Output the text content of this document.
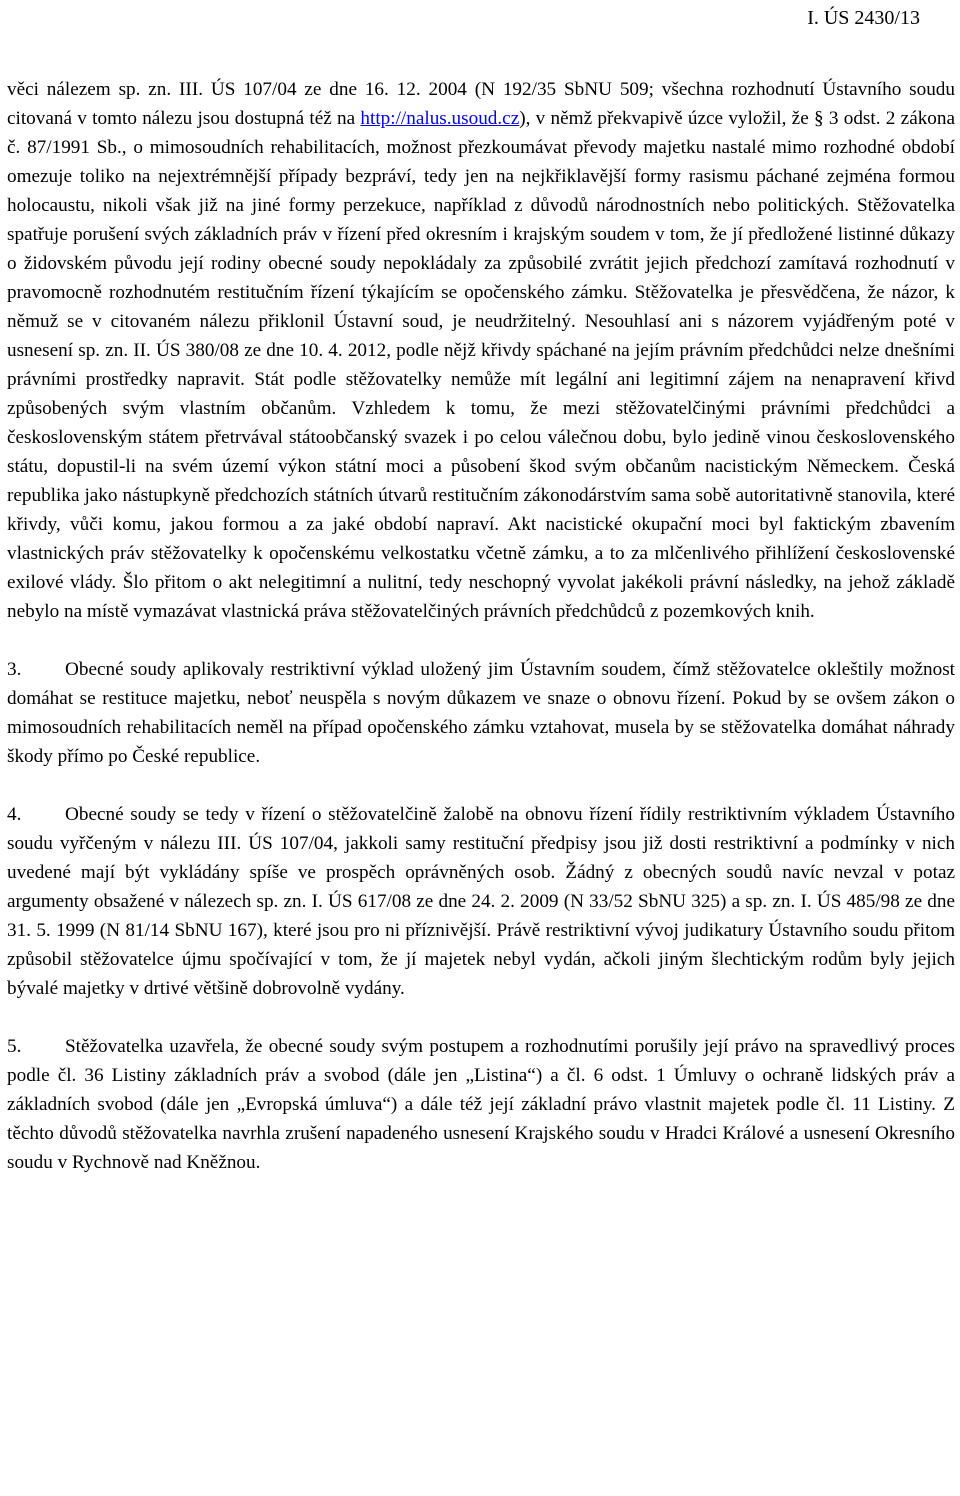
I. ÚS 2430/13

věci nálezem sp. zn. III. ÚS 107/04 ze dne 16. 12. 2004 (N 192/35 SbNU 509; všechna rozhodnutí Ústavního soudu citovaná v tomto nálezu jsou dostupná též na http://nalus.usoud.cz), v němž překvapivě úzce vyložil, že § 3 odst. 2 zákona č. 87/1991 Sb., o mimosoudních rehabilitacích, možnost přezkoumávat převody majetku nastalé mimo rozhodné období omezuje toliko na nejextrémnější případy bezpráví, tedy jen na nejkřiklavější formy rasismu páchané zejména formou holocaustu, nikoli však již na jiné formy perzekuce, například z důvodů národnostních nebo politických. Stěžovatelka spatřuje porušení svých základních práv v řízení před okresním i krajským soudem v tom, že jí předložené listinné důkazy o židovském původu její rodiny obecné soudy nepokládaly za způsobilé zvrátit jejich předchozí zamítavá rozhodnutí v pravomocně rozhodnutém restitučním řízení týkajícím se opočenského zámku. Stěžovatelka je přesvědčena, že názor, k němuž se v citovaném nálezu přiklonil Ústavní soud, je neudržitelný. Nesouhlasí ani s názorem vyjádřeným poté v usnesení sp. zn. II. ÚS 380/08 ze dne 10. 4. 2012, podle nějž křivdy spáchané na jejím právním předchůdci nelze dnešními právními prostředky napravit. Stát podle stěžovatelky nemůže mít legální ani legitimní zájem na nenapravení křivd způsobených svým vlastním občanům. Vzhledem k tomu, že mezi stěžovatelčinými právními předchůdci a československým státem přetrvával státoobčanský svazek i po celou válečnou dobu, bylo jedině vinou československého státu, dopustil-li na svém území výkon státní moci a působení škod svým občanům nacistickým Německem. Česká republika jako nástupkyně předchozích státních útvarů restitučním zákonodárstvím sama sobě autoritativně stanovila, které křivdy, vůči komu, jakou formou a za jaké období napraví. Akt nacistické okupační moci byl faktickým zbavením vlastnických práv stěžovatelky k opočenskému velkostatku včetně zámku, a to za mlčenlivého přihlížení československé exilové vlády. Šlo přitom o akt nelegitimní a nulitní, tedy neschopný vyvolat jakékoli právní následky, na jehož základě nebylo na místě vymazávat vlastnická práva stěžovatelčiných právních předchůdců z pozemkových knih.

3. Obecné soudy aplikovaly restriktivní výklad uložený jim Ústavním soudem, čímž stěžovatelce okleštily možnost domáhat se restituce majetku, neboť neuspěla s novým důkazem ve snaze o obnovu řízení. Pokud by se ovšem zákon o mimosoudních rehabilitacích neměl na případ opočenského zámku vztahovat, musela by se stěžovatelka domáhat náhrady škody přímo po České republice.

4. Obecné soudy se tedy v řízení o stěžovatelčině žalobě na obnovu řízení řídily restriktivním výkladem Ústavního soudu vyřčeným v nálezu III. ÚS 107/04, jakkoli samy restituční předpisy jsou již dosti restriktivní a podmínky v nich uvedené mají být vykládány spíše ve prospěch oprávněných osob. Žádný z obecných soudů navíc nevzal v potaz argumenty obsažené v nálezech sp. zn. I. ÚS 617/08 ze dne 24. 2. 2009 (N 33/52 SbNU 325) a sp. zn. I. ÚS 485/98 ze dne 31. 5. 1999 (N 81/14 SbNU 167), které jsou pro ni příznivější. Právě restriktivní vývoj judikatury Ústavního soudu přitom způsobil stěžovatelce újmu spočívající v tom, že jí majetek nebyl vydán, ačkoli jiným šlechtickým rodům byly jejich bývalé majetky v drtivé většině dobrovolně vydány.

5. Stěžovatelka uzavřela, že obecné soudy svým postupem a rozhodnutími porušily její právo na spravedlivý proces podle čl. 36 Listiny základních práv a svobod (dále jen „Listina“) a čl. 6 odst. 1 Úmluvy o ochraně lidských práv a základních svobod (dále jen „Evropská úmluva“) a dále též její základní právo vlastnit majetek podle čl. 11 Listiny. Z těchto důvodů stěžovatelka navrhla zrušení napadeného usnesení Krajského soudu v Hradci Králové a usnesení Okresního soudu v Rychnově nad Kněžnou.
